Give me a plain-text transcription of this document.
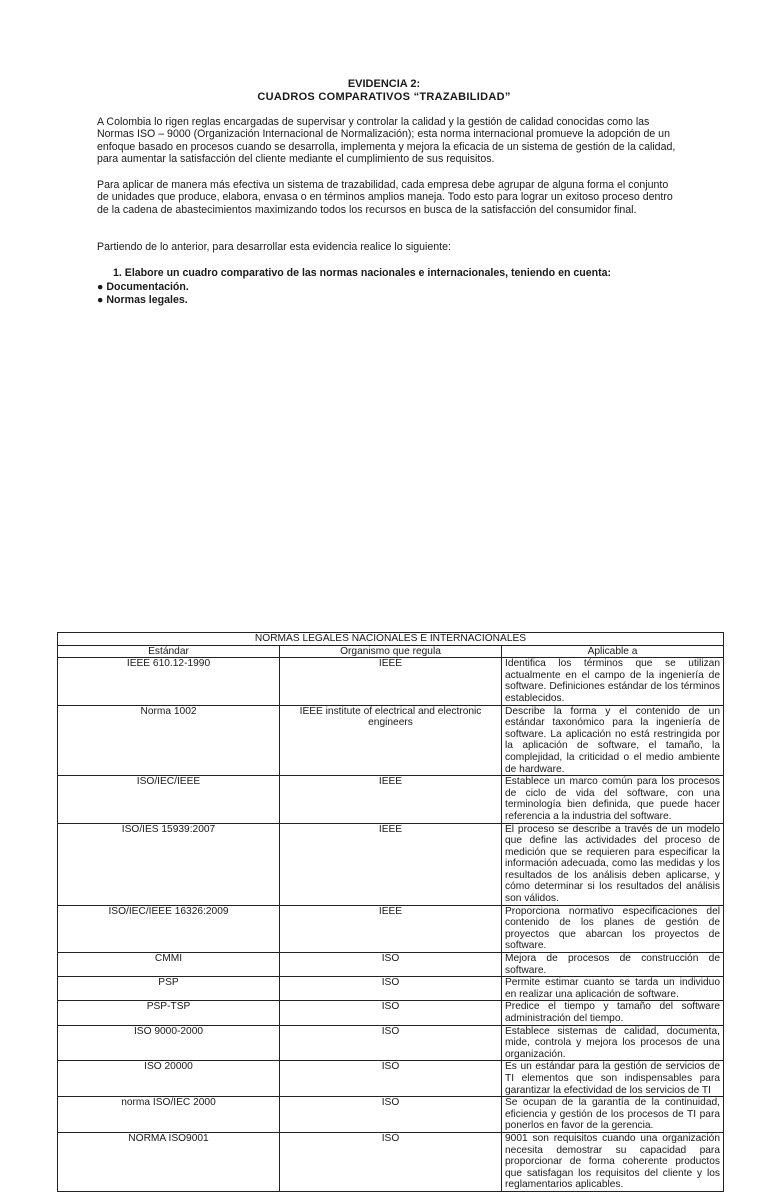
EVIDENCIA 2:
CUADROS COMPARATIVOS “TRAZABILIDAD”

A Colombia lo rigen reglas encargadas de supervisar y controlar la calidad y la gestión de calidad conocidas como las Normas ISO – 9000 (Organización Internacional de Normalización); esta norma internacional promueve la adopción de un enfoque basado en procesos cuando se desarrolla, implementa y mejora la eficacia de un sistema de gestión de la calidad, para aumentar la satisfacción del cliente mediante el cumplimiento de sus requisitos.

Para aplicar de manera más efectiva un sistema de trazabilidad, cada empresa debe agrupar de alguna forma el conjunto de unidades que produce, elabora, envasa o en términos amplios maneja. Todo esto para lograr un exitoso proceso dentro de la cadena de abastecimientos maximizando todos los recursos en busca de la satisfacción del consumidor final.

Partiendo de lo anterior, para desarrollar esta evidencia realice lo siguiente:

1. Elabore un cuadro comparativo de las normas nacionales e internacionales, teniendo en cuenta:
● Documentación.
● Normas legales.
NORMAS LEGALES NACIONALES E INTERNACIONALES		
Estándar	Organismo que regula	Aplicable a
IEEE 610.12-1990	IEEE	Identifica los términos que se utilizan actualmente en el campo de la ingeniería de software. Definiciones estándar de los términos establecidos.
Norma 1002	IEEE institute of electrical and electronic engineers	Describe la forma y el contenido de un estándar taxonómico para la ingeniería de software. La aplicación no está restringida por la aplicación de software, el tamaño, la complejidad, la criticidad o el medio ambiente de hardware.
ISO/IEC/IEEE	IEEE	Establece un marco común para los procesos de ciclo de vida del software, con una terminología bien definida, que puede hacer referencia a la industria del software.
ISO/IES 15939:2007	IEEE	El proceso se describe a través de un modelo que define las actividades del proceso de medición que se requieren para especificar la información adecuada, como las medidas y los resultados de los análisis deben aplicarse, y cómo determinar si los resultados del análisis son válidos.
ISO/IEC/IEEE 16326:2009	IEEE	Proporciona normativo especificaciones del contenido de los planes de gestión de proyectos que abarcan los proyectos de software.
CMMI	ISO	Mejora de procesos de construcción de software.
PSP	ISO	Permite estimar cuanto se tarda un individuo en realizar una aplicación de software.
PSP-TSP	ISO	Predice el tiempo y tamaño del software administración del tiempo.
ISO 9000-2000	ISO	Establece sistemas de calidad, documenta, mide, controla y mejora los procesos de una organización.
ISO 20000	ISO	Es un estándar para la gestión de servicios de TI elementos que son indispensables para garantizar la efectividad de los servicios de TI
norma ISO/IEC 2000	ISO	Se ocupan de la garantía de la continuidad, eficiencia y gestión de los procesos de TI para ponerlos en favor de la gerencia.
NORMA ISO9001	ISO	9001 son requisitos cuando una organización necesita demostrar su capacidad para proporcionar de forma coherente productos que satisfagan los requisitos del cliente y los reglamentarios aplicables.
